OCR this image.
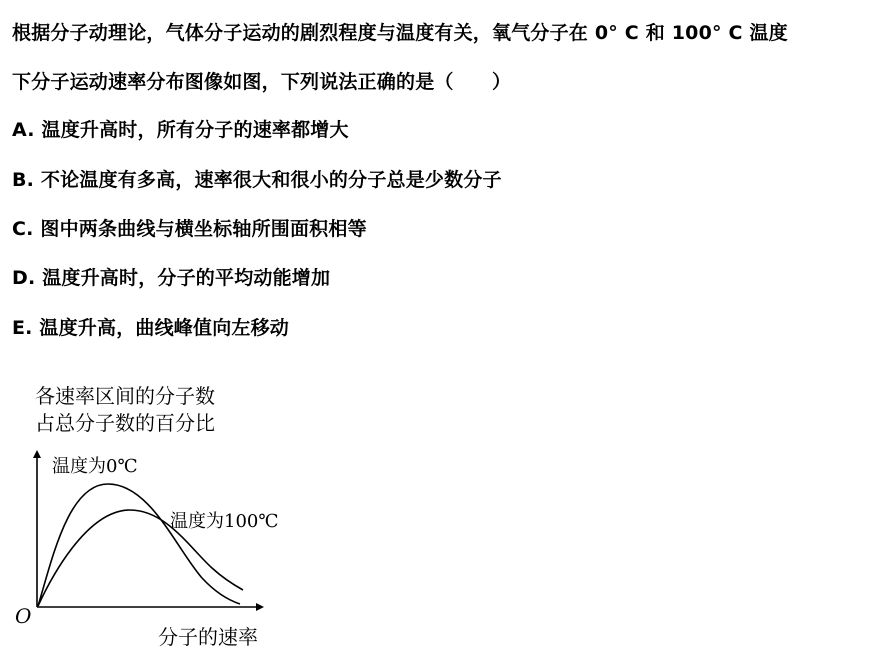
根据分子动理论，气体分子运动的剧烈程度与温度有关，氧气分子在 0° C 和 100° C 温度
下分子运动速率分布图像如图，下列说法正确的是（　　）
A. 温度升高时，所有分子的速率都增大
B. 不论温度有多高，速率很大和很小的分子总是少数分子
C. 图中两条曲线与横坐标轴所围面积相等
D. 温度升高时，分子的平均动能增加
E. 温度升高，曲线峰值向左移动
各速率区间的分子数
占总分子数的百分比
温度为0℃
温度为100℃
O
分子的速率
